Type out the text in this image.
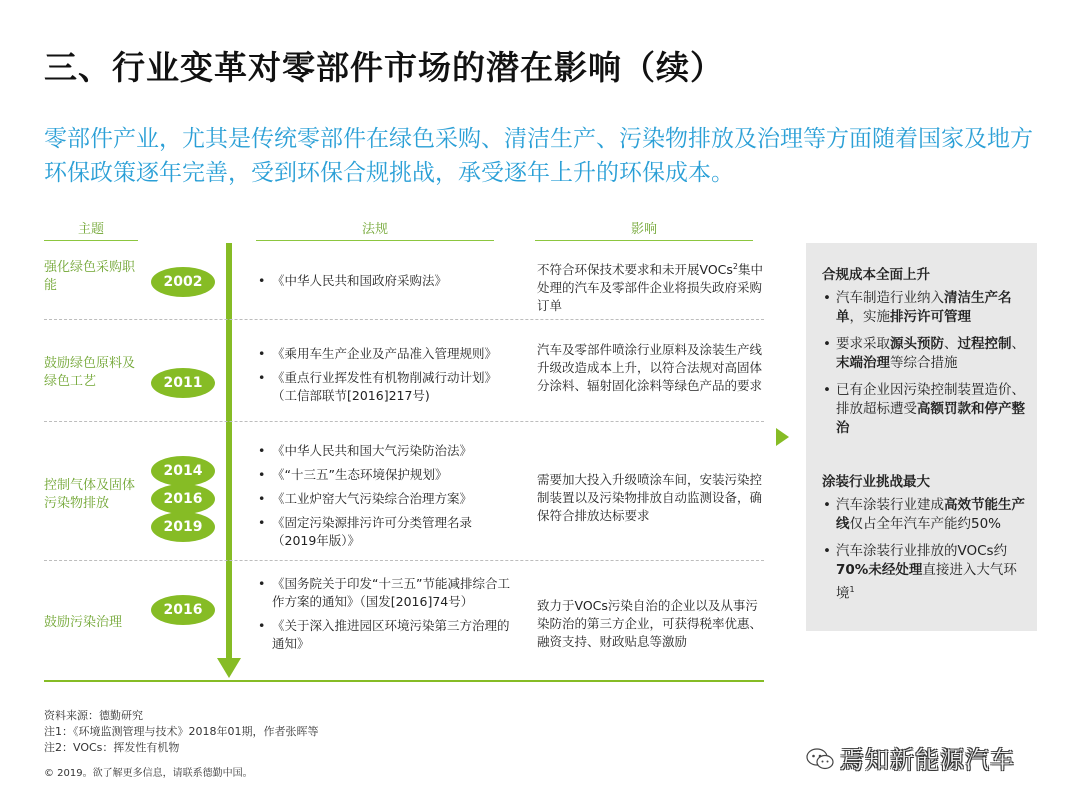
三、行业变革对零部件市场的潜在影响（续）
零部件产业，尤其是传统零部件在绿色采购、清洁生产、污染物排放及治理等方面随着国家及地方环保政策逐年完善，受到环保合规挑战，承受逐年上升的环保成本。
主题	法规	影响
强化绿色采购职能	2002
•	《中华人民共和国政府采购法》
不符合环保技术要求和未开展VOCs$^2$集中处理的汽车及零部件企业将损失政府采购订单
鼓励绿色原料及绿色工艺	2011
• 《乘用车生产企业及产品准入管理规则》
• 《重点行业挥发性有机物削减行动计划》（工信部联节[2016]217号)
汽车及零部件喷涂行业原料及涂装生产线升级改造成本上升，以符合法规对高固体分涂料、辐射固化涂料等绿色产品的要求
控制气体及固体污染物排放
2014
2016
2019
• 《中华人民共和国大气污染防治法》
• 《“十三五”生态环境保护规划》
• 《工业炉窑大气污染综合治理方案》
• 《固定污染源排污许可分类管理名录（2019年版）》
需要加大投入升级喷涂车间，安装污染控制装置以及污染物排放自动监测设备，确保符合排放达标要求
鼓励污染治理
2016
• 《国务院关于印发“十三五”节能减排综合工作方案的通知》（国发[2016]74号）
• 《关于深入推进园区环境污染第三方治理的通知》
致力于VOCs污染自治的企业以及从事污染防治的第三方企业，可获得税率优惠、融资支持、财政贴息等激励
合规成本全面上升
• 汽车制造行业纳入清洁生产名单，实施排污许可管理
• 要求采取源头预防、过程控制、末端治理等综合措施
• 已有企业因污染控制装置造价、排放超标遭受高额罚款和停产整治
涂装行业挑战最大
• 汽车涂装行业建成高效节能生产线仅占全年汽车产能约50%
• 汽车涂装行业排放的VOCs约70%未经处理直接进入大气环境$^1$
资料来源：德勤研究
注1：《环境监测管理与技术》2018年01期，作者张晖等
注2：VOCs：挥发性有机物
© 2019。欲了解更多信息，请联系德勤中国。	焉知新能源汽车
